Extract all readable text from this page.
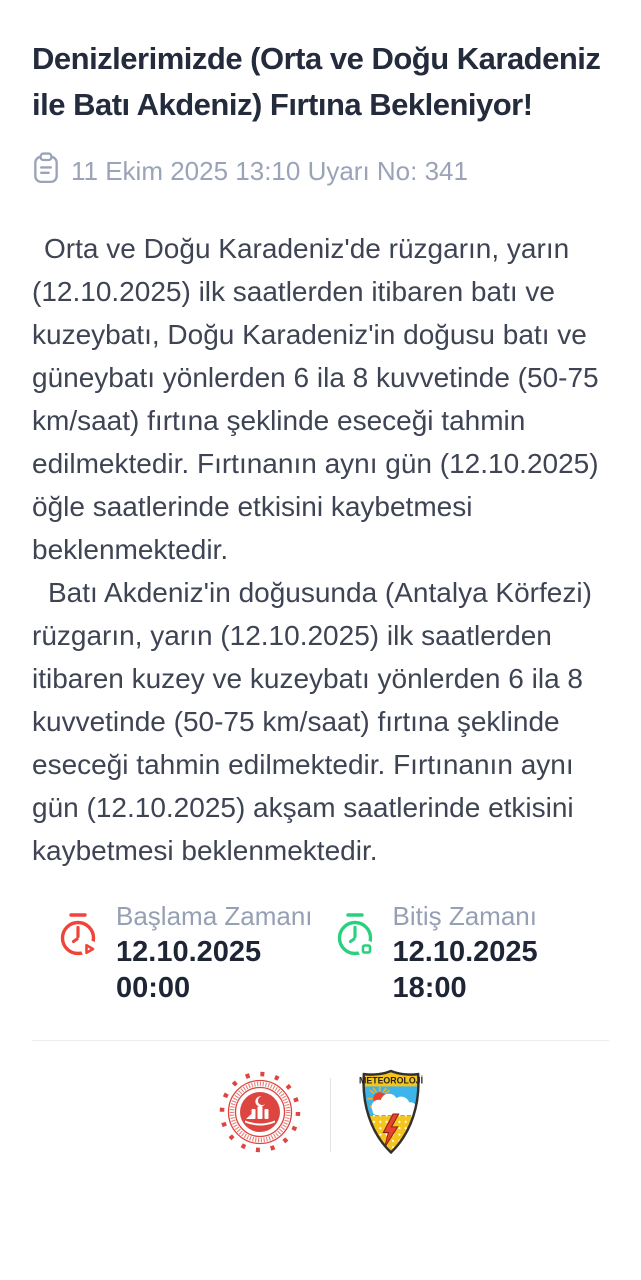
Denizlerimizde (Orta ve Doğu Karadeniz ile Batı Akdeniz) Fırtına Bekleniyor!
11 Ekim 2025 13:10 Uyarı No: 341

Orta ve Doğu Karadeniz'de rüzgarın, yarın (12.10.2025) ilk saatlerden itibaren batı ve kuzeybatı, Doğu Karadeniz'in doğusu batı ve güneybatı yönlerden 6 ila 8 kuvvetinde (50-75 km/saat) fırtına şeklinde eseceği tahmin edilmektedir. Fırtınanın aynı gün (12.10.2025) öğle saatlerinde etkisini kaybetmesi beklenmektedir.

Batı Akdeniz'in doğusunda (Antalya Körfezi) rüzgarın, yarın (12.10.2025) ilk saatlerden itibaren kuzey ve kuzeybatı yönlerden 6 ila 8 kuvvetinde (50-75 km/saat) fırtına şeklinde eseceği tahmin edilmektedir. Fırtınanın aynı gün (12.10.2025) akşam saatlerinde etkisini kaybetmesi beklenmektedir.

Başlama Zamanı
12.10.2025 00:00
Bitiş Zamanı
12.10.2025 18:00
METEOROLOJİ
